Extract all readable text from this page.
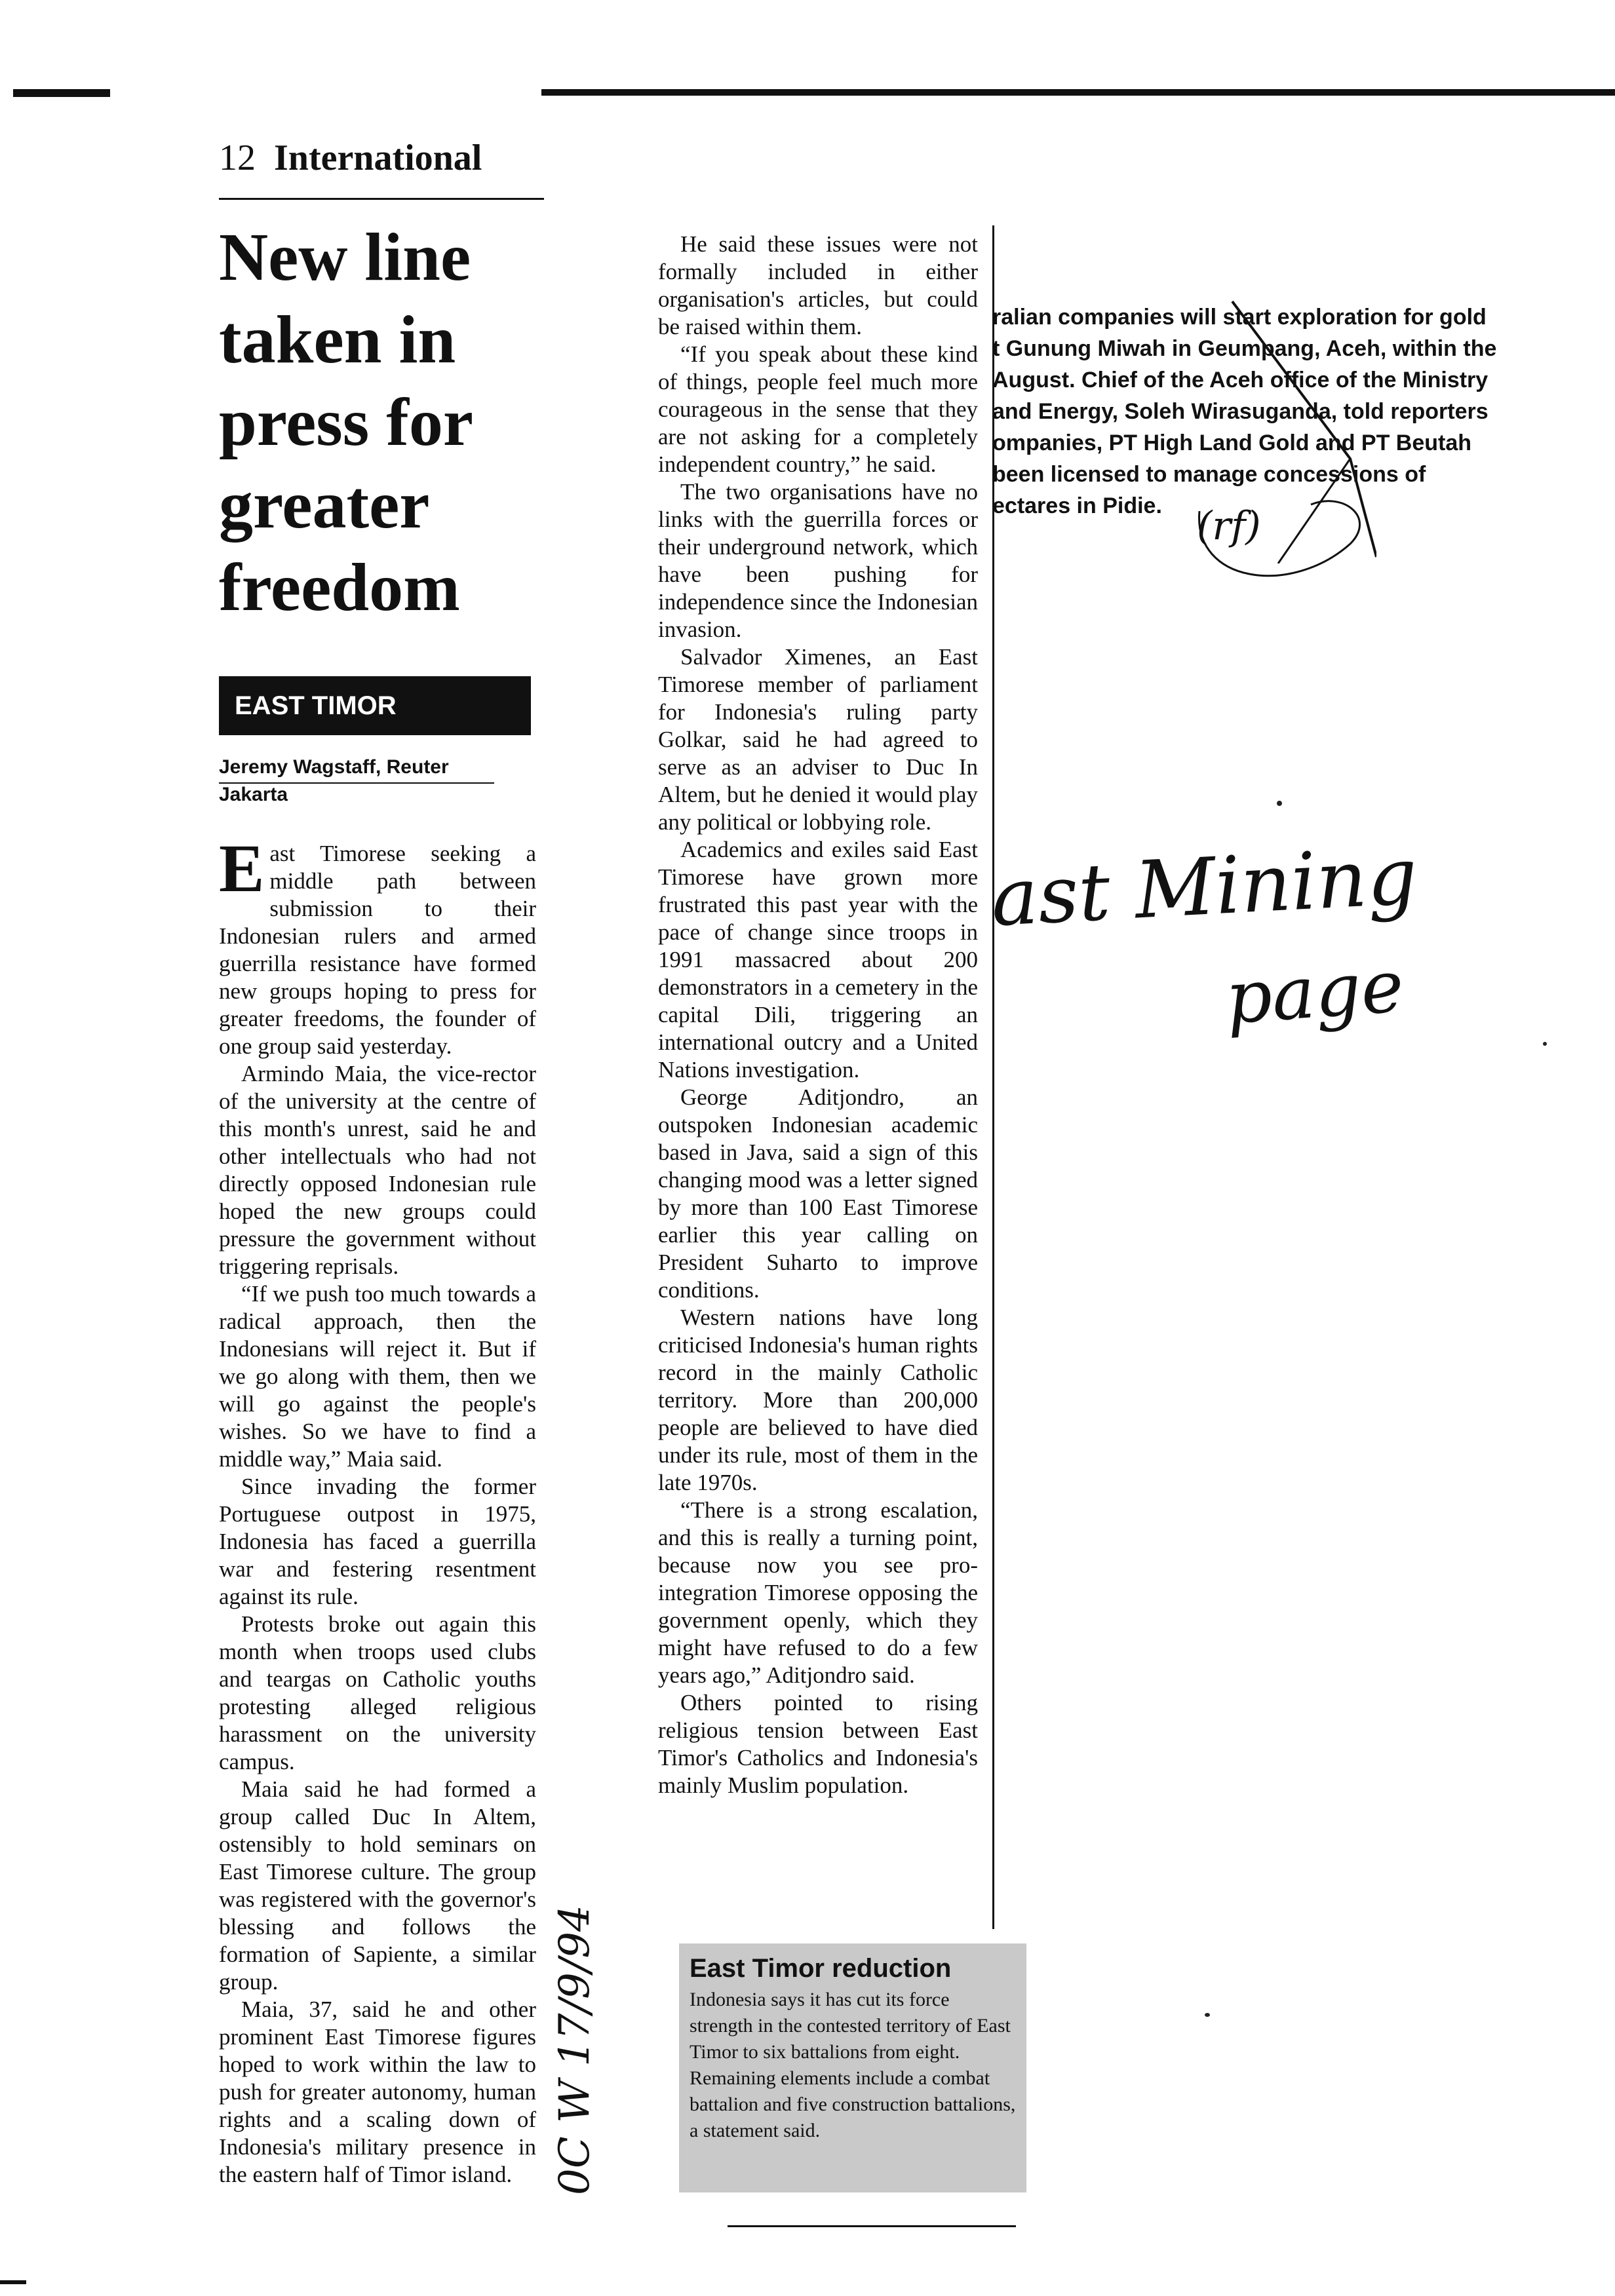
12 International
New line
taken in
press for
greater
freedom
EAST TIMOR
Jeremy Wagstaff, Reuter
Jakarta

East Timorese seeking a middle path between submission to their Indonesian rulers and armed guerrilla resistance have formed new groups hoping to press for greater freedoms, the founder of one group said yesterday.

Armindo Maia, the vice-rector of the university at the centre of this month's unrest, said he and other intellectuals who had not directly opposed Indonesian rule hoped the new groups could pressure the government without triggering reprisals.

“If we push too much towards a radical approach, then the Indonesians will reject it. But if we go along with them, then we will go against the people's wishes. So we have to find a middle way,” Maia said.

Since invading the former Portuguese outpost in 1975, Indonesia has faced a guerrilla war and festering resentment against its rule.

Protests broke out again this month when troops used clubs and teargas on Catholic youths protesting alleged religious harassment on the university campus.

Maia said he had formed a group called Duc In Altem, ostensibly to hold seminars on East Timorese culture. The group was registered with the governor's blessing and follows the formation of Sapiente, a similar group.

Maia, 37, said he and other prominent East Timorese figures hoped to work within the law to push for greater autonomy, human rights and a scaling down of Indonesia's military presence in the eastern half of Timor island.

He said these issues were not formally included in either organisation's articles, but could be raised within them.

“If you speak about these kind of things, people feel much more courageous in the sense that they are not asking for a completely independent country,” he said.

The two organisations have no links with the guerrilla forces or their underground network, which have been pushing for independence since the Indonesian invasion.

Salvador Ximenes, an East Timorese member of parliament for Indonesia's ruling party Golkar, said he had agreed to serve as an adviser to Duc In Altem, but he denied it would play any political or lobbying role.

Academics and exiles said East Timorese have grown more frustrated this past year with the pace of change since troops in 1991 massacred about 200 demonstrators in a cemetery in the capital Dili, triggering an international outcry and a United Nations investigation.

George Aditjondro, an outspoken Indonesian academic based in Java, said a sign of this changing mood was a letter signed by more than 100 East Timorese earlier this year calling on President Suharto to improve conditions.

Western nations have long criticised Indonesia's human rights record in the mainly Catholic territory. More than 200,000 people are believed to have died under its rule, most of them in the late 1970s.

“There is a strong escalation, and this is really a turning point, because now you see pro-integration Timorese opposing the government openly, which they might have refused to do a few years ago,” Aditjondro said.

Others pointed to rising religious tension between East Timor's Catholics and Indonesia's mainly Muslim population.

ralian companies will start exploration for gold
t Gunung Miwah in Geumpang, Aceh, within the
August. Chief of the Aceh office of the Ministry
and Energy, Soleh Wirasuganda, told reporters
ompanies, PT High Land Gold and PT Beutah
been licensed to manage concessions of
ectares in Pidie. (rf)
ast Mining
page
0C W 17/9/94	East Timor reduction
Indonesia says it has cut its force strength in the contested territory of East Timor to six battalions from eight. Remaining elements include a combat battalion and five construction battalions, a statement said.
